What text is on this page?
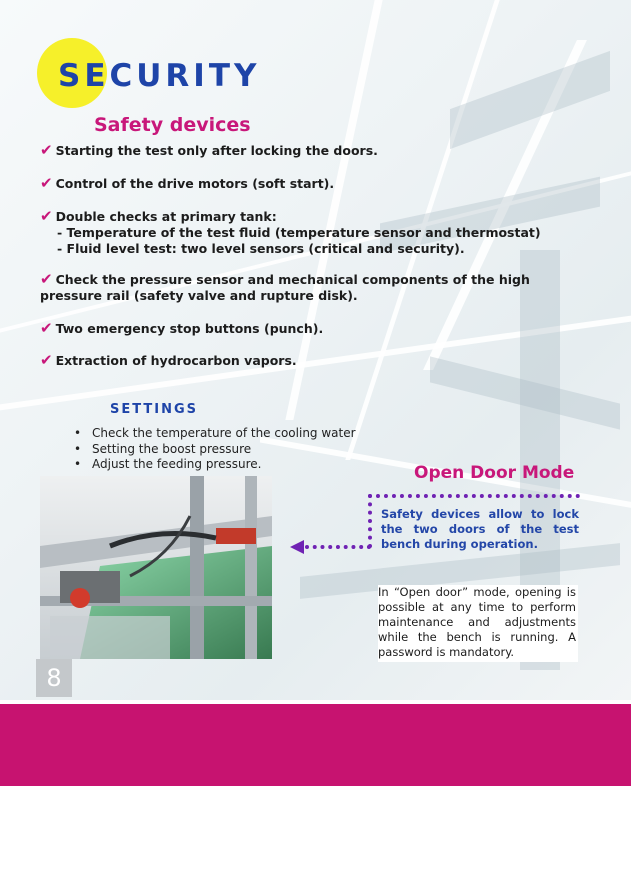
SECURITY
Safety devices
✔ Starting the test only after locking the doors.
✔ Control of the drive motors (soft start).
✔ Double checks at primary tank:
- Temperature of the test fluid (temperature sensor and thermostat)
- Fluid level test: two level sensors (critical and security).
✔ Check the pressure sensor and mechanical components of the high pressure rail (safety valve and rupture disk).
✔ Two emergency stop buttons (punch).
✔ Extraction of hydrocarbon vapors.
SETTINGS
• Check the temperature of the cooling water
• Setting the boost pressure
• Adjust the feeding pressure.	Open Door Mode

Safety devices allow to lock the two doors of the test bench during operation.

In “Open door” mode, opening is possible at any time to perform maintenance and adjustments while the bench is running. A password is mandatory.

8
